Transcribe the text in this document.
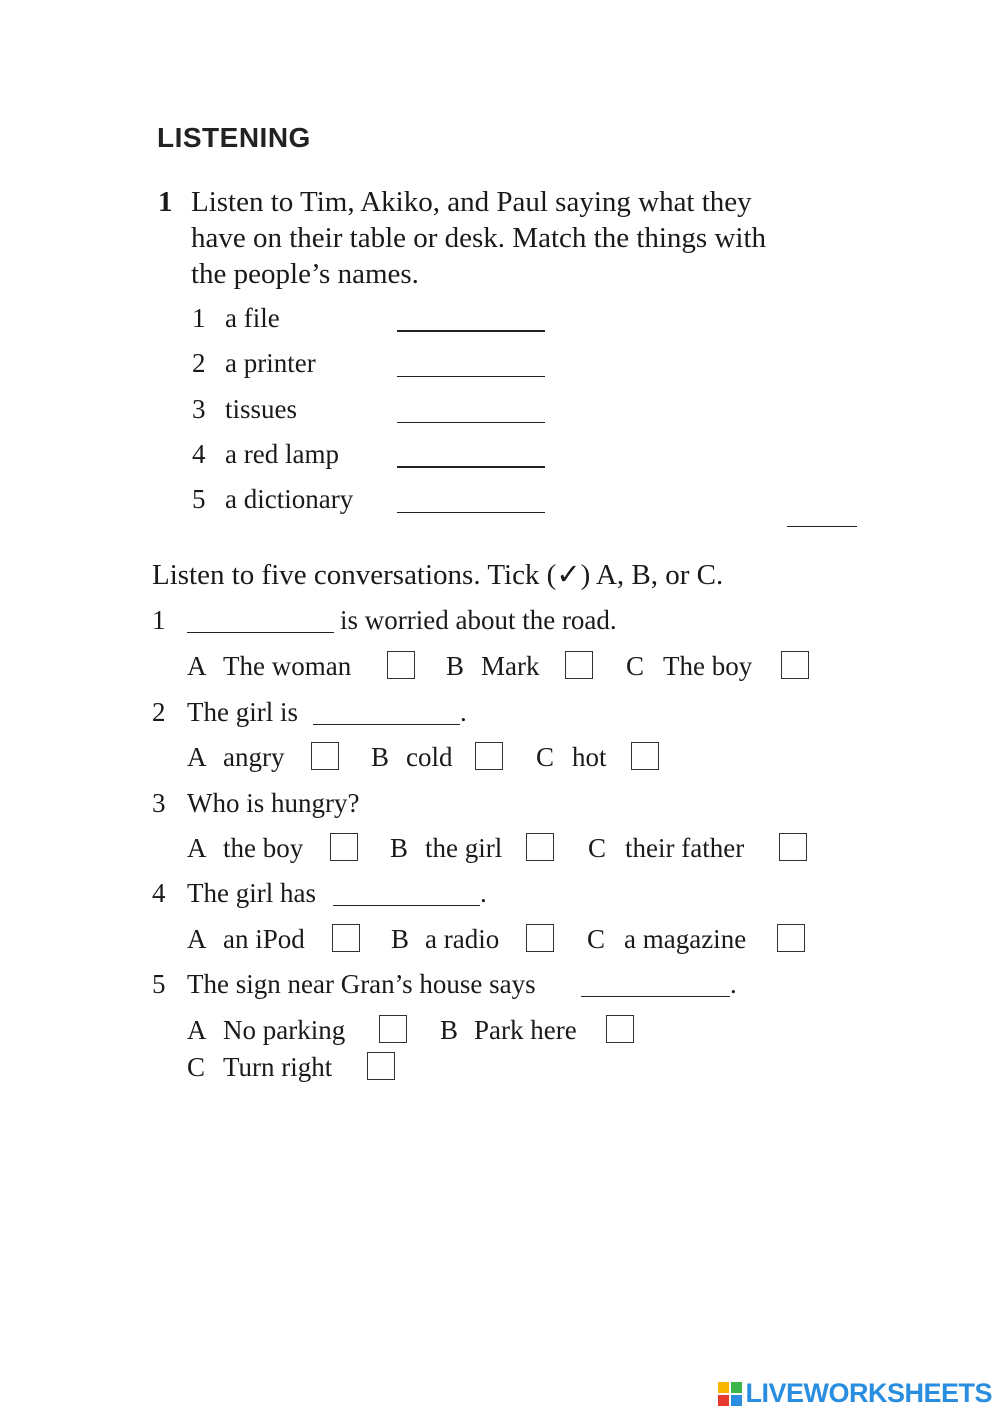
LISTENING
1 Listen to Tim, Akiko, and Paul saying what they
have on their table or desk. Match the things with
the people’s names.
1 a file
2 a printer
3 tissues
4 a red lamp
5 a dictionary
Listen to five conversations. Tick (✓) A, B, or C.
1	is worried about the road.
A The woman	B Mark	C The boy
2 The girl is	.
A angry	B cold	C hot
3 Who is hungry?
A the boy	B the girl	C their father
4 The girl has	.
A an iPod	B a radio	C a magazine
5 The sign near Gran’s house says	.
A No parking	B Park here
C Turn right
LIVEWORKSHEETS
